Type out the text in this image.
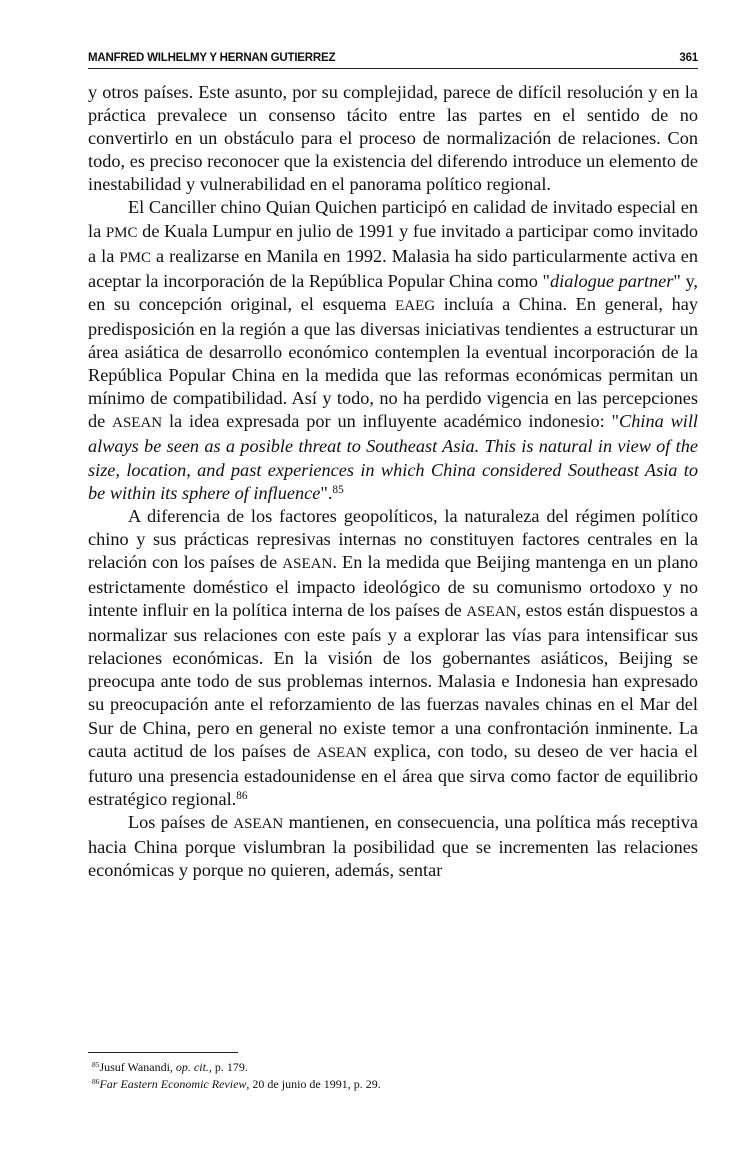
MANFRED WILHELMY Y HERNAN GUTIERREZ	361

y otros países. Este asunto, por su complejidad, parece de difícil resolución y en la práctica prevalece un consenso tácito entre las partes en el sentido de no convertirlo en un obstáculo para el proceso de normalización de relaciones. Con todo, es preciso reconocer que la existencia del diferendo introduce un elemento de inestabilidad y vulnerabilidad en el panorama político regional.

El Canciller chino Quian Quichen participó en calidad de invitado especial en la PMC de Kuala Lumpur en julio de 1991 y fue invitado a participar como invitado a la PMC a realizarse en Manila en 1992. Malasia ha sido particularmente activa en aceptar la incorporación de la República Popular China como "dialogue partner" y, en su concepción original, el esquema EAEG incluía a China. En general, hay predisposición en la región a que las diversas iniciativas tendientes a estructurar un área asiática de desarrollo económico contemplen la eventual incorporación de la República Popular China en la medida que las reformas económicas permitan un mínimo de compatibilidad. Así y todo, no ha perdido vigencia en las percepciones de ASEAN la idea expresada por un influyente académico indonesio: "China will always be seen as a posible threat to Southeast Asia. This is natural in view of the size, location, and past experiences in which China considered Southeast Asia to be within its sphere of influence".$^{85}$

A diferencia de los factores geopolíticos, la naturaleza del régimen político chino y sus prácticas represivas internas no constituyen factores centrales en la relación con los países de ASEAN. En la medida que Beijing mantenga en un plano estrictamente doméstico el impacto ideológico de su comunismo ortodoxo y no intente influir en la política interna de los países de ASEAN, estos están dispuestos a normalizar sus relaciones con este país y a explorar las vías para intensificar sus relaciones económicas. En la visión de los gobernantes asiáticos, Beijing se preocupa ante todo de sus problemas internos. Malasia e Indonesia han expresado su preocupación ante el reforzamiento de las fuerzas navales chinas en el Mar del Sur de China, pero en general no existe temor a una confrontación inminente. La cauta actitud de los países de ASEAN explica, con todo, su deseo de ver hacia el futuro una presencia estadounidense en el área que sirva como factor de equilibrio estratégico regional.$^{86}$

Los países de ASEAN mantienen, en consecuencia, una política más receptiva hacia China porque vislumbran la posibilidad que se incrementen las relaciones económicas y porque no quieren, además, sentar

$^{85}$Jusuf Wanandi, op. cit., p. 179.

$^{86}$Far Eastern Economic Review, 20 de junio de 1991, p. 29.
